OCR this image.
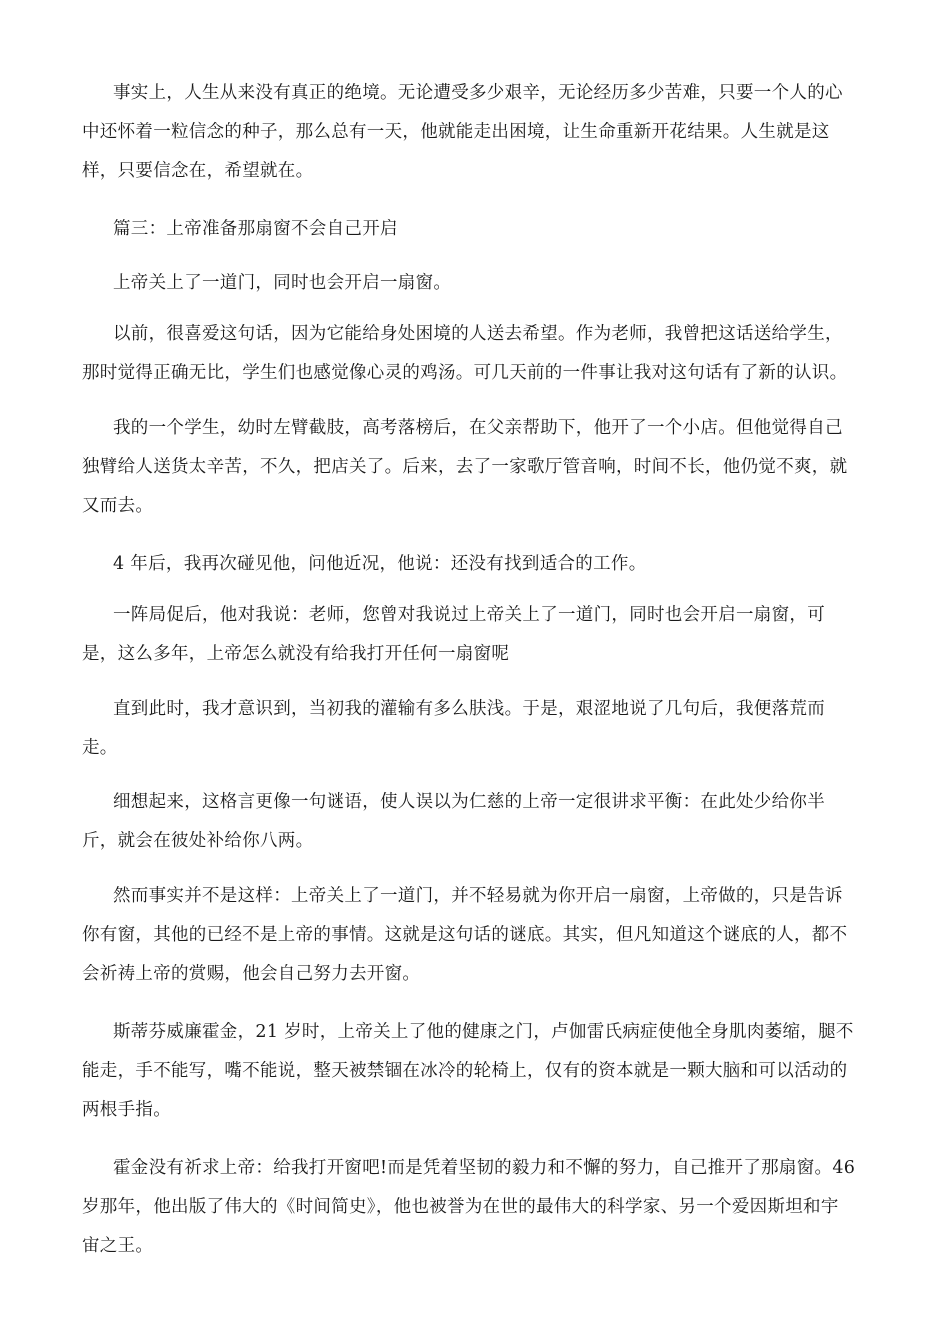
事实上，人生从来没有真正的绝境。无论遭受多少艰辛，无论经历多少苦难，只要一个人的心
中还怀着一粒信念的种子，那么总有一天，他就能走出困境，让生命重新开花结果。人生就是这
样，只要信念在，希望就在。
篇三：上帝准备那扇窗不会自己开启
上帝关上了一道门，同时也会开启一扇窗。
以前，很喜爱这句话，因为它能给身处困境的人送去希望。作为老师，我曾把这话送给学生，
那时觉得正确无比，学生们也感觉像心灵的鸡汤。可几天前的一件事让我对这句话有了新的认识。
我的一个学生，幼时左臂截肢，高考落榜后，在父亲帮助下，他开了一个小店。但他觉得自己
独臂给人送货太辛苦，不久，把店关了。后来，去了一家歌厅管音响，时间不长，他仍觉不爽，就
又而去。
4 年后，我再次碰见他，问他近况，他说：还没有找到适合的工作。
一阵局促后，他对我说：老师，您曾对我说过上帝关上了一道门，同时也会开启一扇窗，可
是，这么多年，上帝怎么就没有给我打开任何一扇窗呢
直到此时，我才意识到，当初我的灌输有多么肤浅。于是，艰涩地说了几句后，我便落荒而
走。
细想起来，这格言更像一句谜语，使人误以为仁慈的上帝一定很讲求平衡：在此处少给你半
斤，就会在彼处补给你八两。
然而事实并不是这样：上帝关上了一道门，并不轻易就为你开启一扇窗，上帝做的，只是告诉
你有窗，其他的已经不是上帝的事情。这就是这句话的谜底。其实，但凡知道这个谜底的人，都不
会祈祷上帝的赏赐，他会自己努力去开窗。
斯蒂芬威廉霍金，21 岁时，上帝关上了他的健康之门，卢伽雷氏病症使他全身肌肉萎缩，腿不
能走，手不能写，嘴不能说，整天被禁锢在冰冷的轮椅上，仅有的资本就是一颗大脑和可以活动的
两根手指。
霍金没有祈求上帝：给我打开窗吧!而是凭着坚韧的毅力和不懈的努力，自己推开了那扇窗。46
岁那年，他出版了伟大的《时间简史》，他也被誉为在世的最伟大的科学家、另一个爱因斯坦和宇
宙之王。
